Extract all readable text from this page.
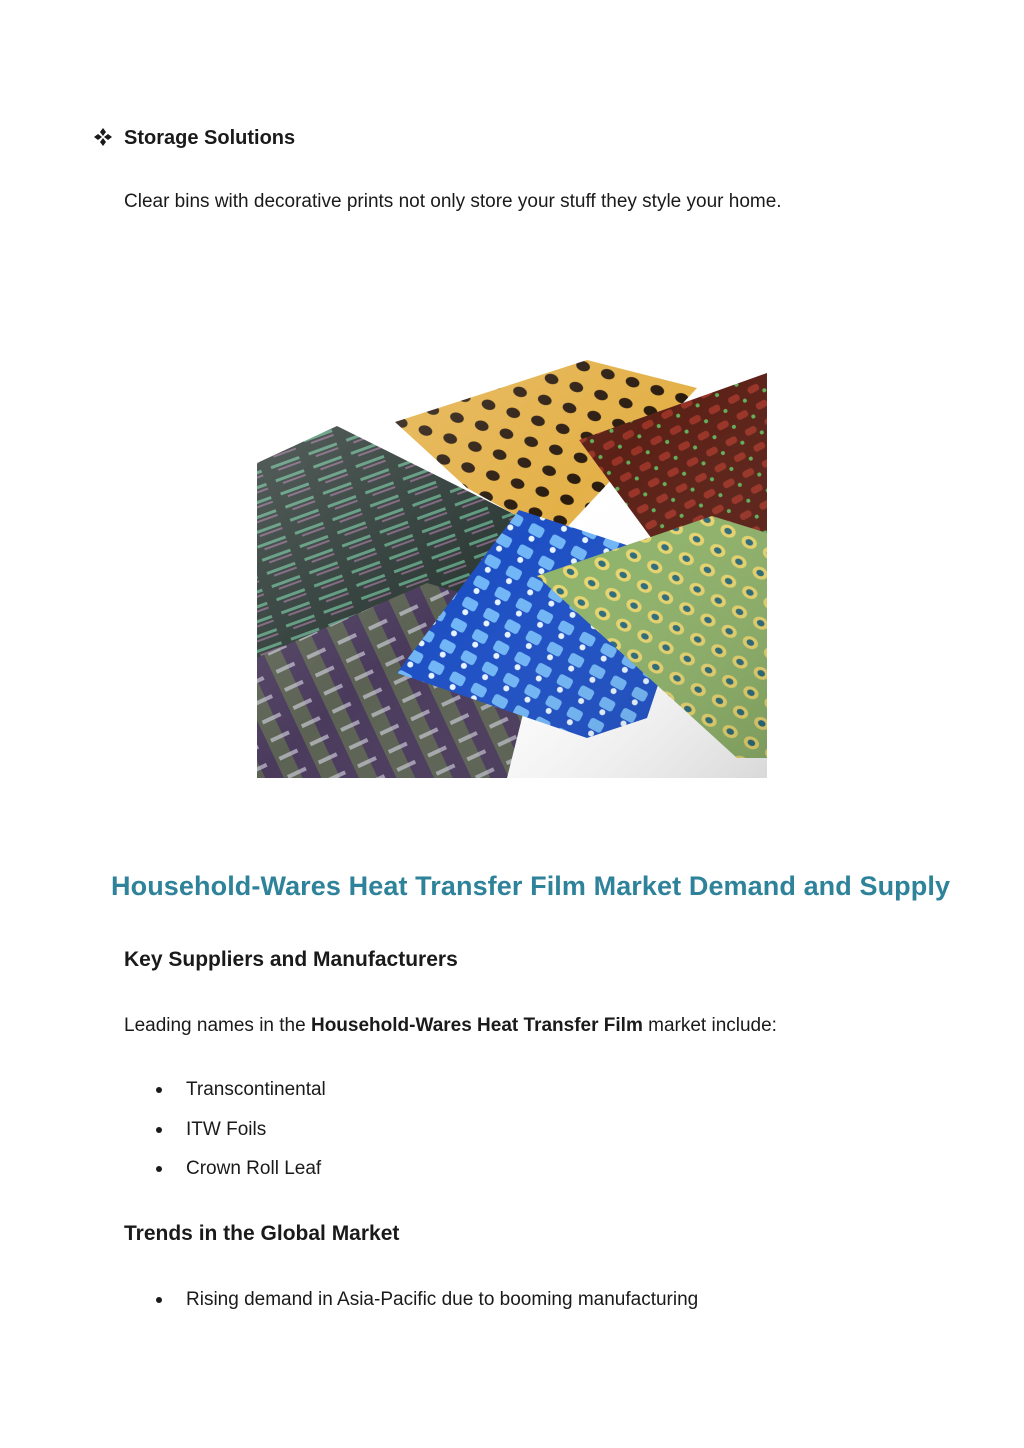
Storage Solutions
Clear bins with decorative prints not only store your stuff they style your home.
Household-Wares Heat Transfer Film Market Demand and Supply
Key Suppliers and Manufacturers
Leading names in the Household-Wares Heat Transfer Film market include:
Transcontinental
ITW Foils
Crown Roll Leaf
Trends in the Global Market
Rising demand in Asia-Pacific due to booming manufacturing
